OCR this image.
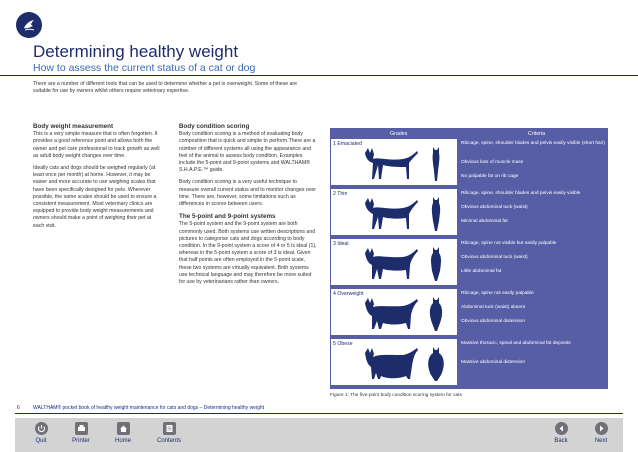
Determining healthy weight
How to assess the current status of a cat or dog
There are a number of different tools that can be used to determine whether a pet is overweight. Some of these are suitable for use by owners whilst others require veterinary expertise.
Body weight measurement

This is a very simple measure that is often forgotten. It provides a good reference point and allows both the owner and pet care professional to track growth as well as adult body weight changes over time.

Ideally cats and dogs should be weighed regularly (at least once per month) at home. However, it may be easier and more accurate to use weighing scales that have been specifically designed for pets. Wherever possible, the same scales should be used to ensure a consistent measurement. Most veterinary clinics are equipped to provide body weight measurements and owners should make a point of weighing their pet at each visit.

Body condition scoring

Body condition scoring is a method of evaluating body composition that is quick and simple to perform.There are a number of different systems all using the appearance and feel of the animal to assess body condition. Examples include the 5-point and 9-point systems and WALTHAM® S.H.A.P.E.™ guide.

Body condition scoring is a very useful technique to measure overall current status and to monitor changes over time. There are, however, some limitations such as differences in scores between users.

The 5-point and 9-point systems

The 5-point system and the 9-point system are both commonly used. Both systems use written descriptions and pictures to categorise cats and dogs according to body condition. In the 9-point system a score of 4 or 5 is ideal (1), whereas in the 5-point system a score of 3 is ideal. Given that half points are often employed in the 5-point scale, these two systems are virtually equivalent. Both systems use technical language and may therefore be more suited for use by veterinarians rather than owners.

Grades	Criteria
1 Emaciated	Ribcage, spine, shoulder blades and pelvis easily visible (short hair)
Obvious loss of muscle mass
No palpable fat on rib cage
2 Thin	Ribcage, spine, shoulder blades and pelvis easily visible
Obvious abdominal tuck (waist)
Minimal abdominal fat
3 Ideal	Ribcage, spine not visible but easily palpable
Obvious abdominal tuck (waist)
Little abdominal fat
4 Overweight	Ribcage, spine not easily palpable
Abdominal tuck (waist) absent
Obvious abdominal distension
5 Obese	Massive thoracic, spinal and abdominal fat deposits
Massive abdominal distension
Figure 1: The five-point body condition scoring system for cats
6	WALTHAM® pocket book of healthy weight maintenance for cats and dogs – Determining healthy weight
Quit	Printer	Home	Contents	Back	Next
